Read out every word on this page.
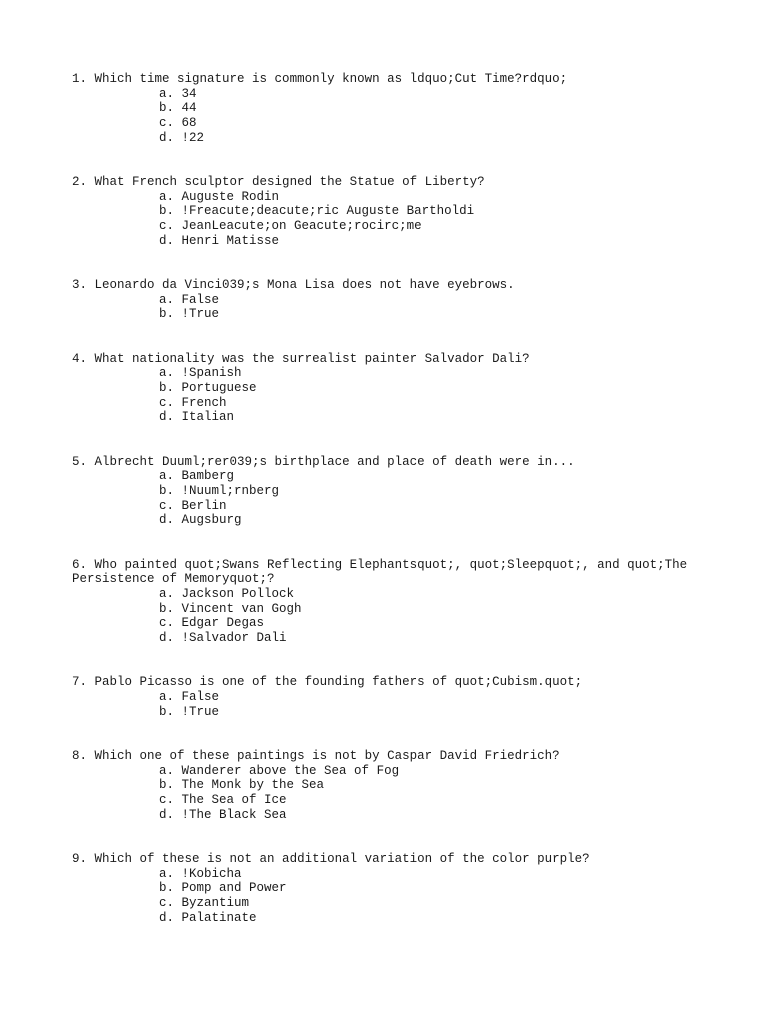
1. Which time signature is commonly known as ldquo;Cut Time?rdquo;
a. 34
b. 44
c. 68
d. !22
2. What French sculptor designed the Statue of Liberty?
a. Auguste Rodin
b. !Freacute;deacute;ric Auguste Bartholdi
c. JeanLeacute;on Geacute;rocirc;me
d. Henri Matisse
3. Leonardo da Vinci039;s Mona Lisa does not have eyebrows.
a. False
b. !True
4. What nationality was the surrealist painter Salvador Dali?
a. !Spanish
b. Portuguese
c. French
d. Italian
5. Albrecht Duuml;rer039;s birthplace and place of death were in...
a. Bamberg
b. !Nuuml;rnberg
c. Berlin
d. Augsburg
6. Who painted quot;Swans Reflecting Elephantsquot;, quot;Sleepquot;, and quot;The Persistence of Memoryquot;?
a. Jackson Pollock
b. Vincent van Gogh
c. Edgar Degas
d. !Salvador Dali
7. Pablo Picasso is one of the founding fathers of quot;Cubism.quot;
a. False
b. !True
8. Which one of these paintings is not by Caspar David Friedrich?
a. Wanderer above the Sea of Fog
b. The Monk by the Sea
c. The Sea of Ice
d. !The Black Sea
9. Which of these is not an additional variation of the color purple?
a. !Kobicha
b. Pomp and Power
c. Byzantium
d. Palatinate
